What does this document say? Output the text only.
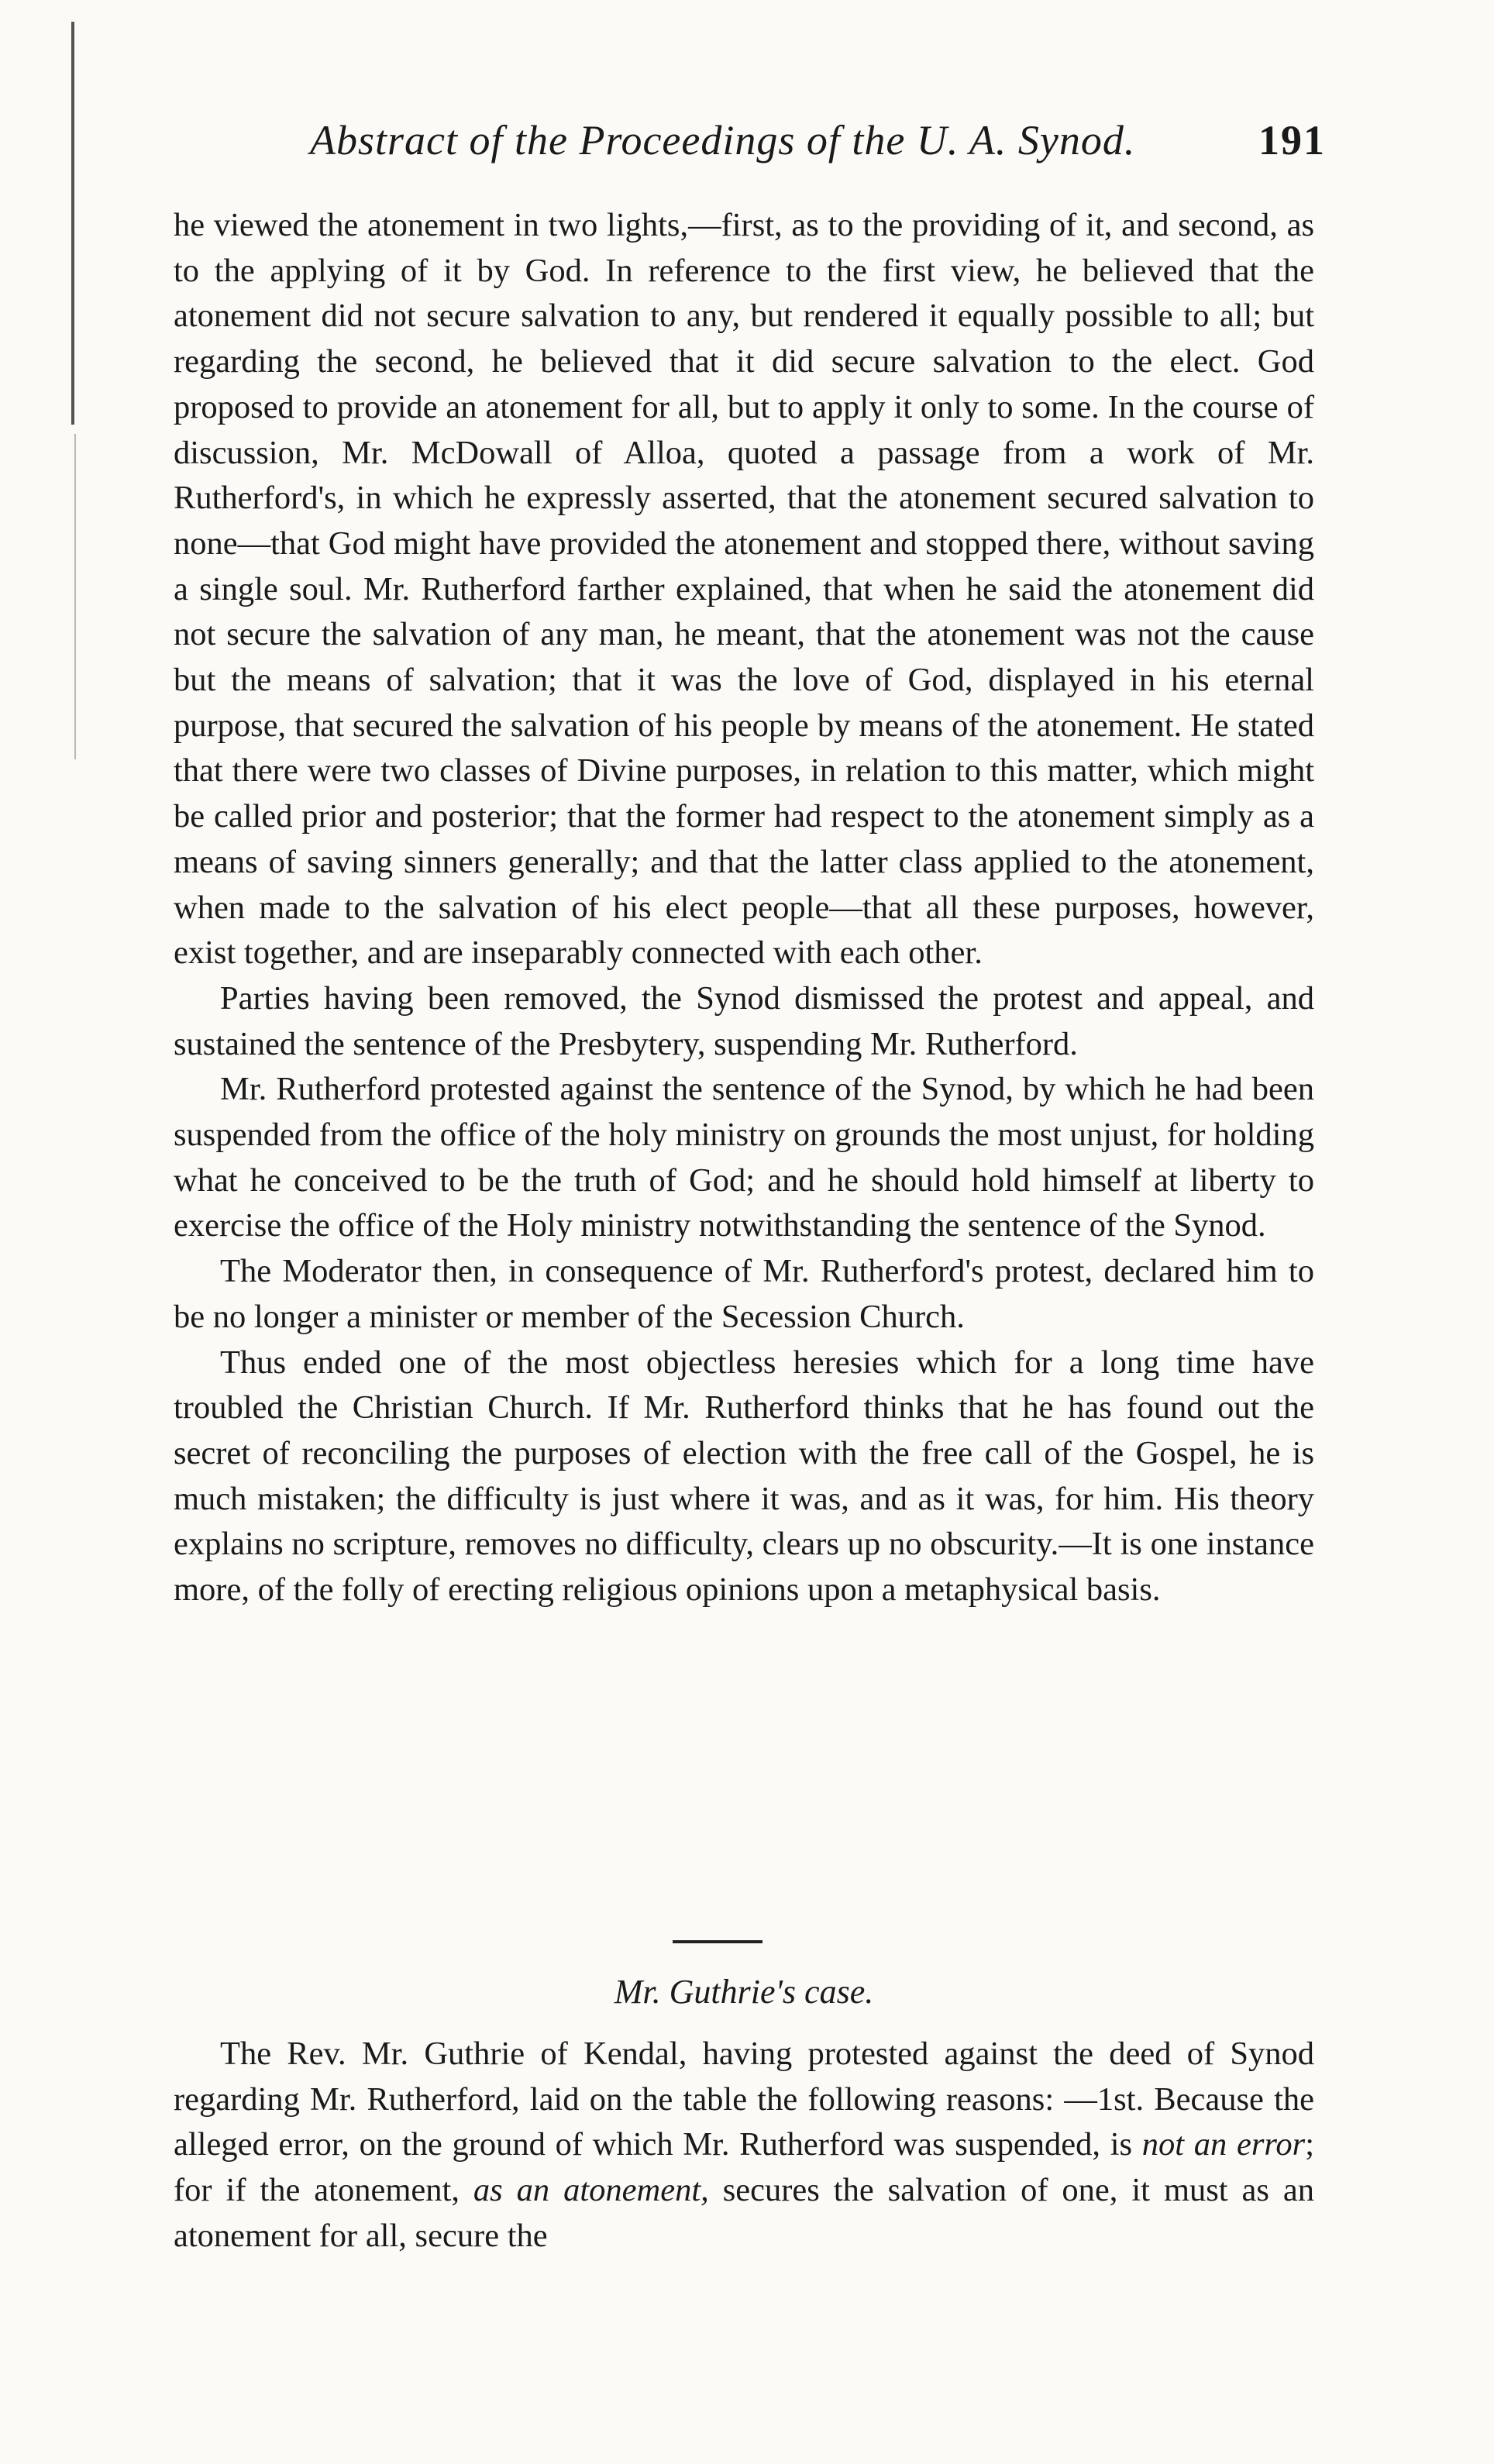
Abstract of the Proceedings of the U. A. Synod.	191

he viewed the atonement in two lights,—first, as to the providing of it, and second, as to the applying of it by God. In reference to the first view, he believed that the atonement did not secure salvation to any, but rendered it equally possible to all; but regarding the second, he believed that it did secure salvation to the elect. God proposed to provide an atonement for all, but to apply it only to some. In the course of discussion, Mr. McDowall of Alloa, quoted a passage from a work of Mr. Rutherford's, in which he expressly asserted, that the atonement secured salvation to none—that God might have provided the atonement and stopped there, without saving a single soul. Mr. Rutherford farther explained, that when he said the atonement did not secure the salvation of any man, he meant, that the atonement was not the cause but the means of salvation; that it was the love of God, displayed in his eternal purpose, that secured the salvation of his people by means of the atonement. He stated that there were two classes of Divine purposes, in relation to this matter, which might be called prior and posterior; that the former had respect to the atonement simply as a means of saving sinners generally; and that the latter class applied to the atonement, when made to the salvation of his elect people—that all these purposes, however, exist together, and are inseparably connected with each other.

Parties having been removed, the Synod dismissed the protest and appeal, and sustained the sentence of the Presbytery, suspending Mr. Rutherford.

Mr. Rutherford protested against the sentence of the Synod, by which he had been suspended from the office of the holy ministry on grounds the most unjust, for holding what he conceived to be the truth of God; and he should hold himself at liberty to exercise the office of the Holy ministry notwithstanding the sentence of the Synod.

The Moderator then, in consequence of Mr. Rutherford's protest, declared him to be no longer a minister or member of the Secession Church.

Thus ended one of the most objectless heresies which for a long time have troubled the Christian Church. If Mr. Rutherford thinks that he has found out the secret of reconciling the purposes of election with the free call of the Gospel, he is much mistaken; the difficulty is just where it was, and as it was, for him. His theory explains no scripture, removes no difficulty, clears up no obscurity.—It is one instance more, of the folly of erecting religious opinions upon a metaphysical basis.

Mr. Guthrie's case.

The Rev. Mr. Guthrie of Kendal, having protested against the deed of Synod regarding Mr. Rutherford, laid on the table the following reasons: —1st. Because the alleged error, on the ground of which Mr. Rutherford was suspended, is not an error; for if the atonement, as an atonement, secures the salvation of one, it must as an atonement for all, secure the
